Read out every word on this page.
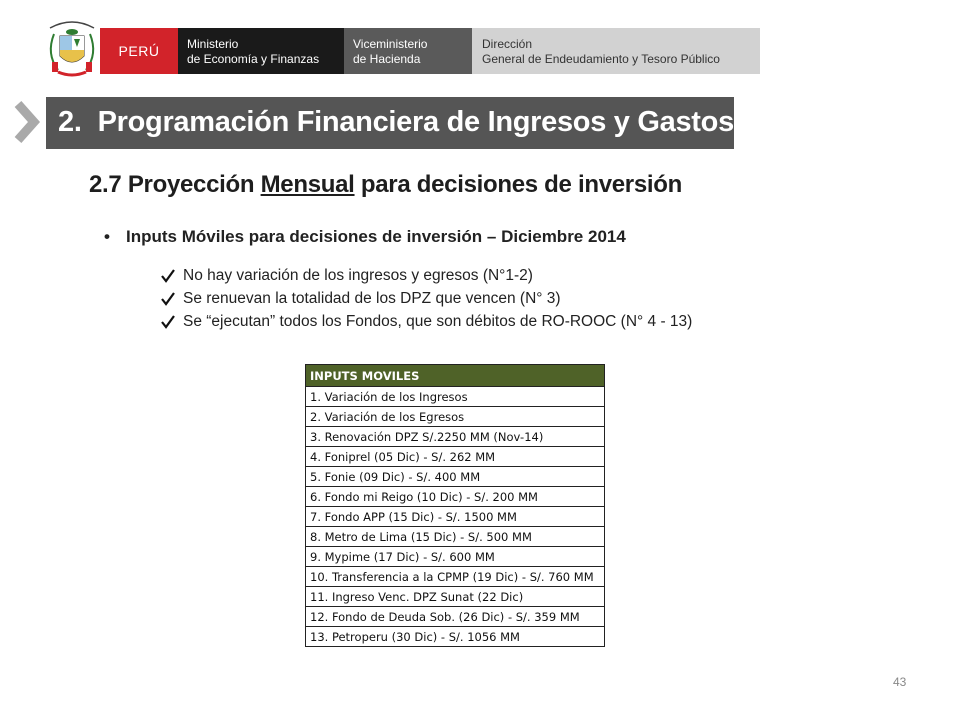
PERÚ Ministerio
de Economía y Finanzas
Viceministerio
de Hacienda
Dirección
General de Endeudamiento y Tesoro Público
2. Programación Financiera de Ingresos y Gastos
2.7 Proyección Mensual para decisiones de inversión
• Inputs Móviles para decisiones de inversión – Diciembre 2014
No hay variación de los ingresos y egresos (N°1-2)
Se renuevan la totalidad de los DPZ que vencen (N° 3)
Se “ejecutan” todos los Fondos, que son débitos de RO-ROOC (N° 4 - 13)
INPUTS MOVILES
1. Variación de los Ingresos
2. Variación de los Egresos
3. Renovación DPZ S/.2250 MM (Nov-14)
4. Foniprel (05 Dic) - S/. 262 MM
5. Fonie (09 Dic) - S/. 400 MM
6. Fondo mi Reigo (10 Dic) - S/. 200 MM
7. Fondo APP (15 Dic) - S/. 1500 MM
8. Metro de Lima (15 Dic) - S/. 500 MM
9. Mypime (17 Dic) - S/. 600 MM
10. Transferencia a la CPMP (19 Dic) - S/. 760 MM
11. Ingreso Venc. DPZ Sunat (22 Dic)
12. Fondo de Deuda Sob. (26 Dic) - S/. 359 MM
13. Petroperu (30 Dic) - S/. 1056 MM
43
